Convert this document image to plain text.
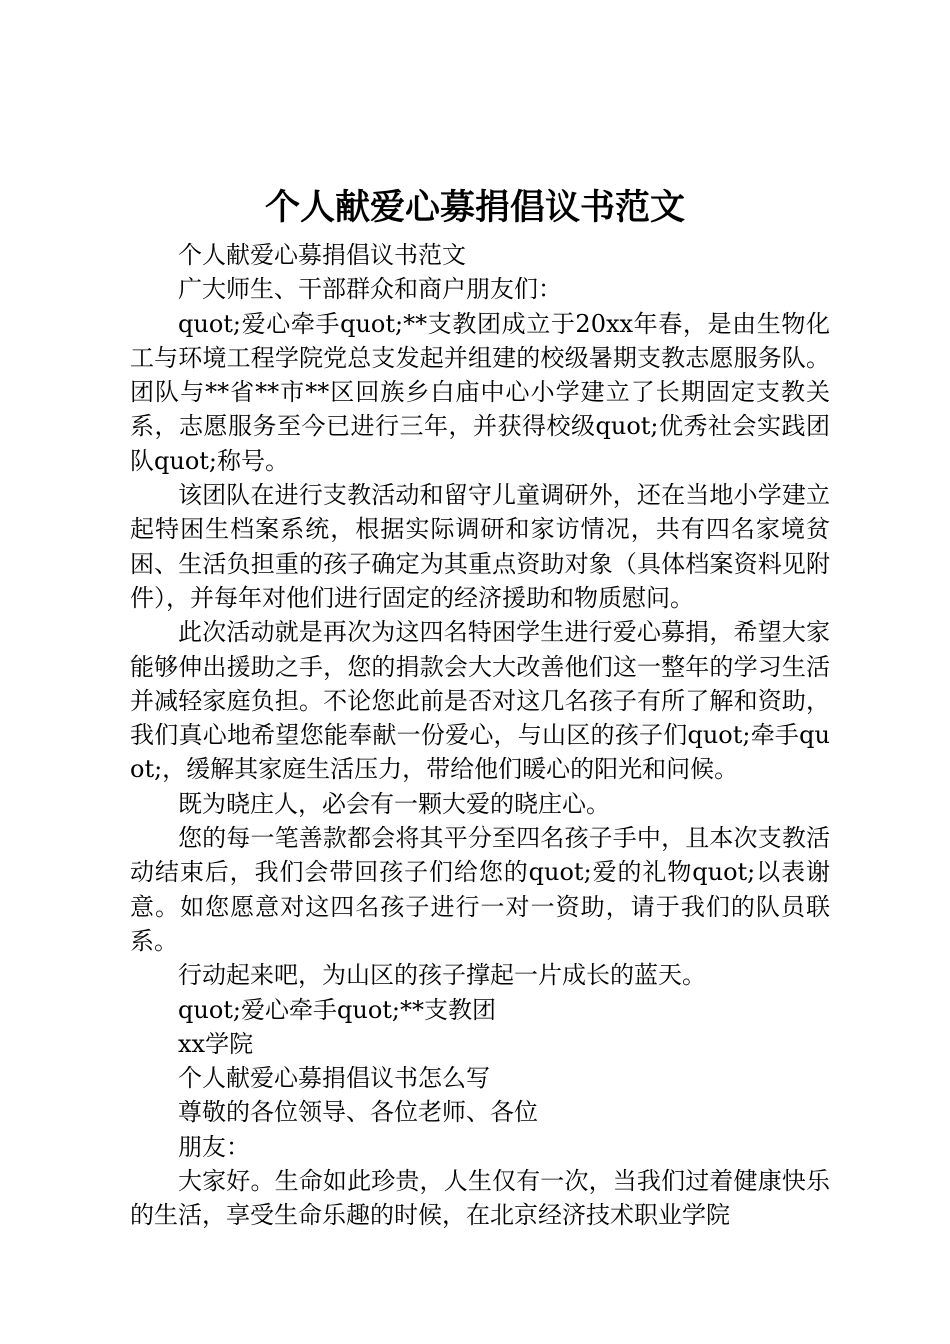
个人献爱心募捐倡议书范文

个人献爱心募捐倡议书范文

广大师生、干部群众和商户朋友们：

quot;爱心牵手quot;**支教团成立于20xx年春，是由生物化工与环境工程学院党总支发起并组建的校级暑期支教志愿服务队。团队与**省**市**区回族乡白庙中心小学建立了长期固定支教关系，志愿服务至今已进行三年，并获得校级quot;优秀社会实践团队quot;称号。

该团队在进行支教活动和留守儿童调研外，还在当地小学建立起特困生档案系统，根据实际调研和家访情况，共有四名家境贫困、生活负担重的孩子确定为其重点资助对象（具体档案资料见附件），并每年对他们进行固定的经济援助和物质慰问。

此次活动就是再次为这四名特困学生进行爱心募捐，希望大家能够伸出援助之手，您的捐款会大大改善他们这一整年的学习生活并减轻家庭负担。不论您此前是否对这几名孩子有所了解和资助，我们真心地希望您能奉献一份爱心，与山区的孩子们quot;牵手quot;，缓解其家庭生活压力，带给他们暖心的阳光和问候。

既为晓庄人，必会有一颗大爱的晓庄心。

您的每一笔善款都会将其平分至四名孩子手中，且本次支教活动结束后，我们会带回孩子们给您的quot;爱的礼物quot;以表谢意。如您愿意对这四名孩子进行一对一资助，请于我们的队员联系。

行动起来吧，为山区的孩子撑起一片成长的蓝天。

quot;爱心牵手quot;**支教团

xx学院

个人献爱心募捐倡议书怎么写

尊敬的各位领导、各位老师、各位

朋友：

大家好。生命如此珍贵，人生仅有一次，当我们过着健康快乐的生活，享受生命乐趣的时候，在北京经济技术职业学院
